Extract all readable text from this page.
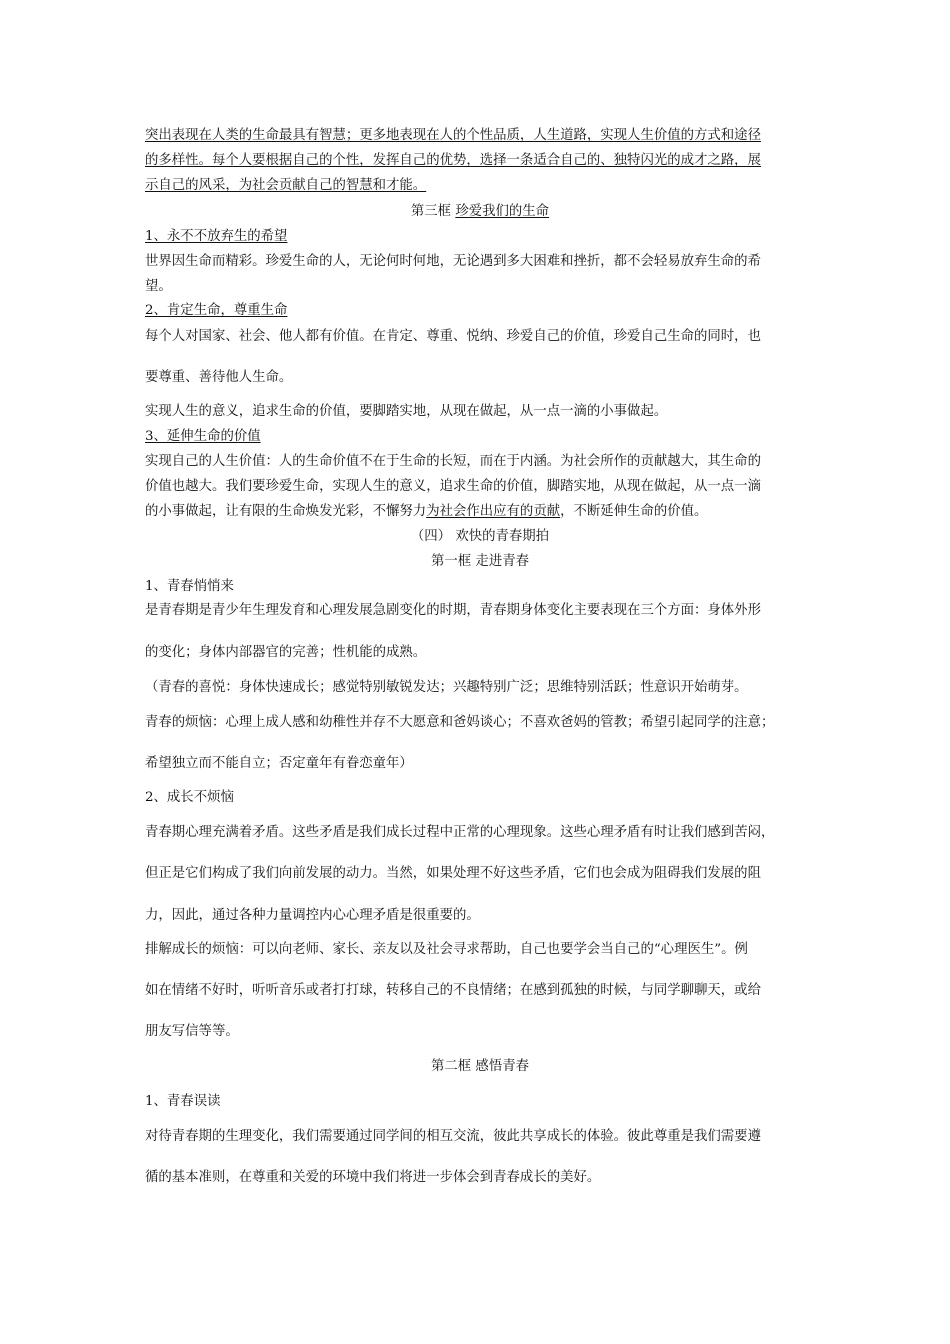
突出表现在人类的生命最具有智慧；更多地表现在人的个性品质，人生道路，实现人生价值的方式和途径
的多样性。每个人要根据自己的个性，发挥自己的优势，选择一条适合自己的、独特闪光的成才之路，展
示自己的风采，为社会贡献自己的智慧和才能。
第三框 珍爱我们的生命
1、永不不放弃生的希望
世界因生命而精彩。珍爱生命的人，无论何时何地，无论遇到多大困难和挫折，都不会轻易放弃生命的希
望。
2、肯定生命，尊重生命
每个人对国家、社会、他人都有价值。在肯定、尊重、悦纳、珍爱自己的价值，珍爱自己生命的同时，也
要尊重、善待他人生命。
实现人生的意义，追求生命的价值，要脚踏实地，从现在做起，从一点一滴的小事做起。
3、延伸生命的价值
实现自己的人生价值：人的生命价值不在于生命的长短，而在于内涵。为社会所作的贡献越大，其生命的
价值也越大。我们要珍爱生命，实现人生的意义，追求生命的价值，脚踏实地，从现在做起，从一点一滴
的小事做起，让有限的生命焕发光彩，不懈努力为社会作出应有的贡献，不断延伸生命的价值。
（四） 欢快的青春期拍
第一框 走进青春
1、青春悄悄来
是青春期是青少年生理发育和心理发展急剧变化的时期，青春期身体变化主要表现在三个方面：身体外形
的变化；身体内部器官的完善；性机能的成熟。
（青春的喜悦：身体快速成长；感觉特别敏锐发达；兴趣特别广泛；思维特别活跃；性意识开始萌芽。
青春的烦恼：心理上成人感和幼稚性并存不大愿意和爸妈谈心；不喜欢爸妈的管教；希望引起同学的注意；
希望独立而不能自立；否定童年有眷恋童年）
2、成长不烦恼
青春期心理充满着矛盾。这些矛盾是我们成长过程中正常的心理现象。这些心理矛盾有时让我们感到苦闷，
但正是它们构成了我们向前发展的动力。当然，如果处理不好这些矛盾，它们也会成为阻碍我们发展的阻
力，因此，通过各种力量调控内心心理矛盾是很重要的。
排解成长的烦恼：可以向老师、家长、亲友以及社会寻求帮助，自己也要学会当自己的“心理医生”。例
如在情绪不好时，听听音乐或者打打球，转移自己的不良情绪；在感到孤独的时候，与同学聊聊天，或给
朋友写信等等。
第二框 感悟青春
1、青春误读
对待青春期的生理变化，我们需要通过同学间的相互交流，彼此共享成长的体验。彼此尊重是我们需要遵
循的基本准则，在尊重和关爱的环境中我们将进一步体会到青春成长的美好。
